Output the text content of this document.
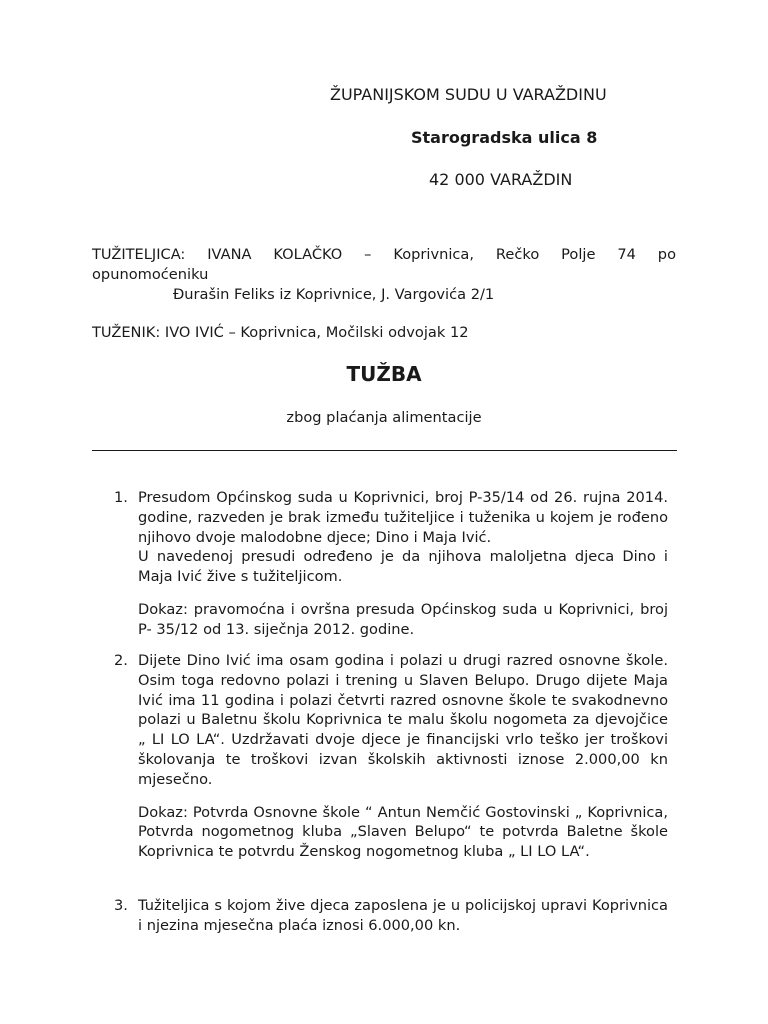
ŽUPANIJSKOM SUDU U VARAŽDINU
Starogradska ulica 8
42 000 VARAŽDIN
TUŽITELJICA: IVANA KOLAČKO – Koprivnica, Rečko Polje 74 po
opunomoćeniku
Đurašin Feliks iz Koprivnice, J. Vargovića 2/1
TUŽENIK: IVO IVIĆ – Koprivnica, Močilski odvojak 12
TUŽBA
zbog plaćanja alimentacije
1. Presudom Općinskog suda u Koprivnici, broj P-35/14 od 26. rujna 2014. godine, razveden je brak između tužiteljice i tuženika u kojem je rođeno njihovo dvoje malodobne djece; Dino i Maja Ivić.

U navedenoj presudi određeno je da njihova maloljetna djeca Dino i Maja Ivić žive s tužiteljicom.

Dokaz: pravomoćna i ovršna presuda Općinskog suda u Koprivnici, broj P- 35/12 od 13. siječnja 2012. godine.

2. Dijete Dino Ivić ima osam godina i polazi u drugi razred osnovne škole. Osim toga redovno polazi i trening u Slaven Belupo. Drugo dijete Maja Ivić ima 11 godina i polazi četvrti razred osnovne škole te svakodnevno polazi u Baletnu školu Koprivnica te malu školu nogometa za djevojčice „ LI LO LA“. Uzdržavati dvoje djece je financijski vrlo teško jer troškovi školovanja te troškovi izvan školskih aktivnosti iznose 2.000,00 kn mjesečno.

Dokaz: Potvrda Osnovne škole “ Antun Nemčić Gostovinski „ Koprivnica, Potvrda nogometnog kluba „Slaven Belupo“ te potvrda Baletne škole Koprivnica te potvrdu Ženskog nogometnog kluba „ LI LO LA“.

3. Tužiteljica s kojom žive djeca zaposlena je u policijskoj upravi Koprivnica i njezina mjesečna plaća iznosi 6.000,00 kn.
